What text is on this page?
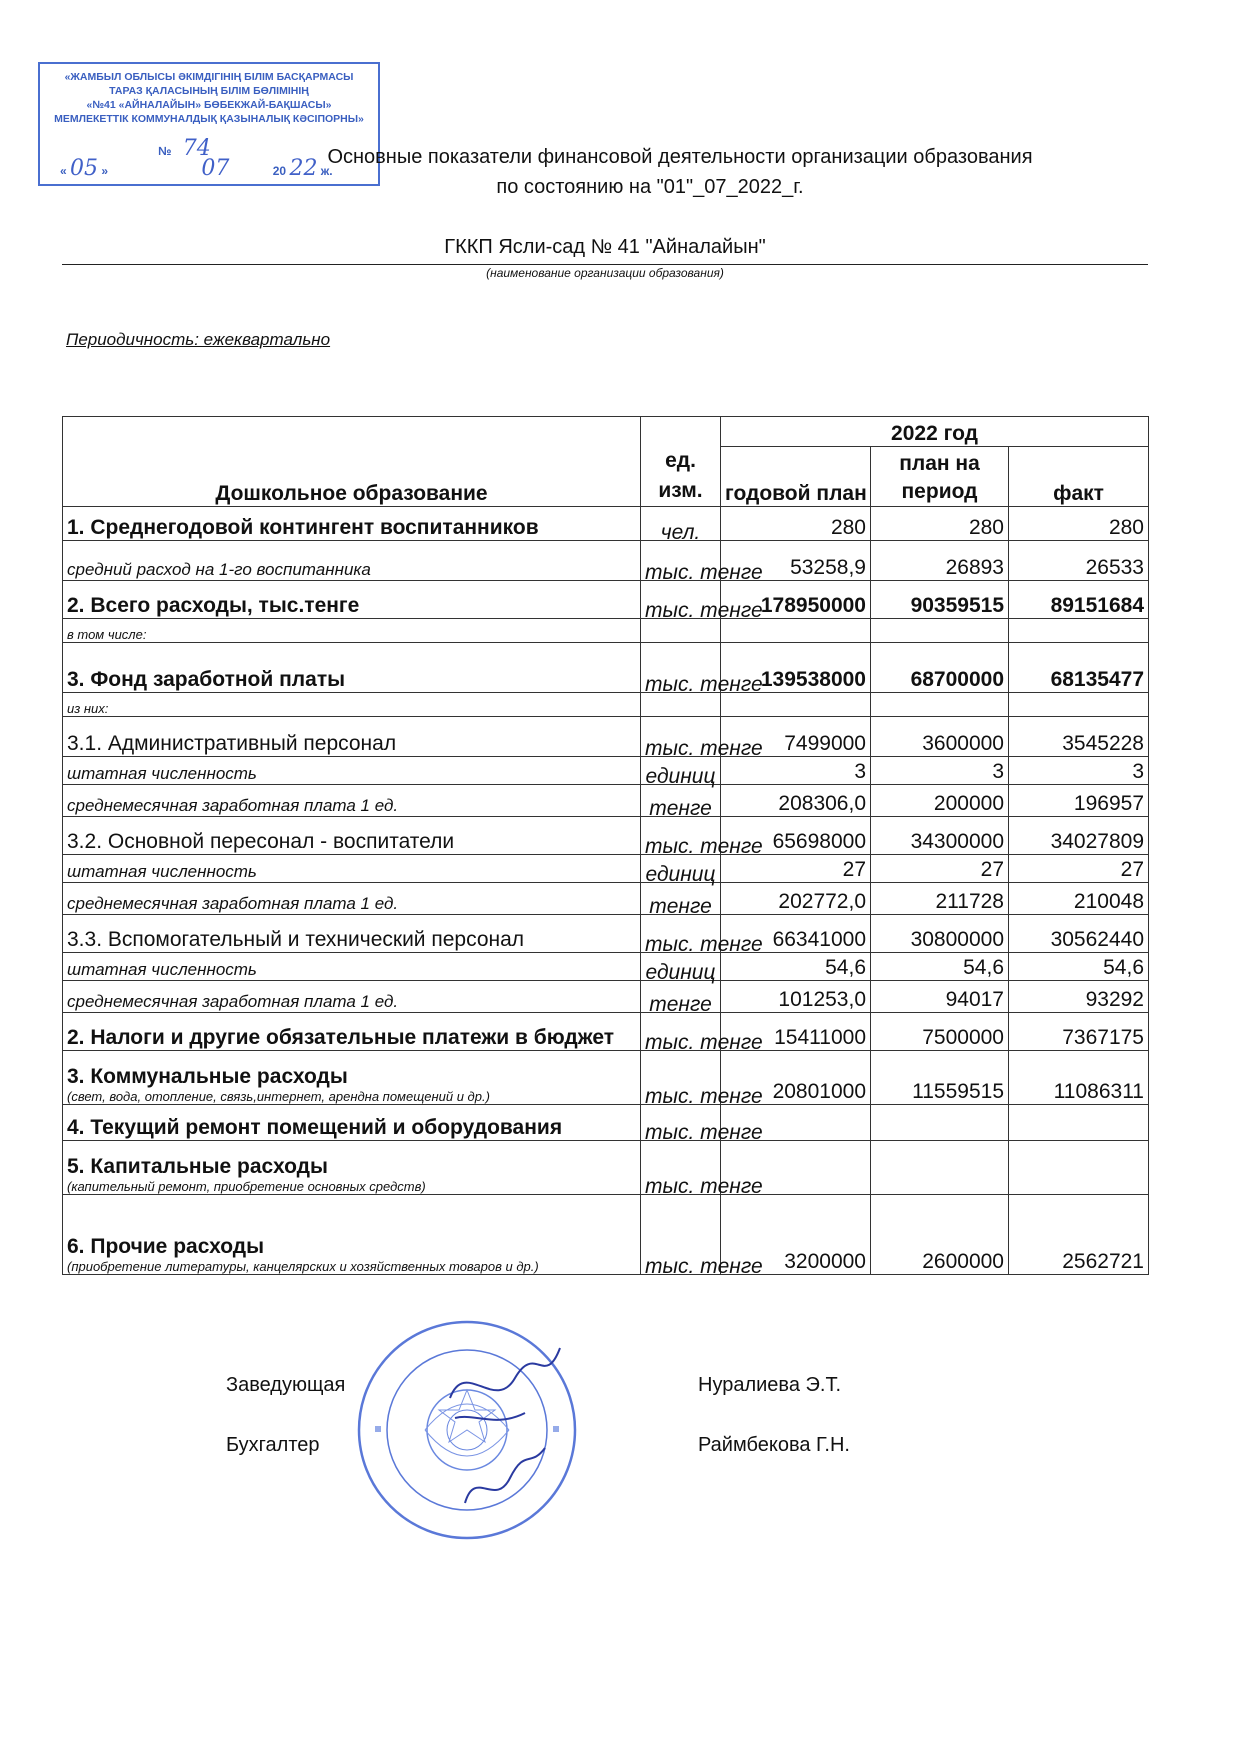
«ЖАМБЫЛ ОБЛЫСЫ ӘКІМДІГІНІҢ БІЛІМ БАСҚАРМАСЫ
ТАРАЗ ҚАЛАСЫНЫҢ БІЛІМ БӨЛІМІНІҢ
«№41 «АЙНАЛАЙЫН» БӨБЕКЖАЙ-БАҚШАСЫ»
МЕМЛЕКЕТТІК КОММУНАЛДЫҚ ҚАЗЫНАЛЫҚ КӘСІПОРНЫ»
№ 74
« 05 »	07	20 22 ж.
Основные показатели финансовой деятельности организации образования
по состоянию на "01"_07_2022_г.
ГККП Ясли-сад № 41 "Айналайын"
(наименование организации образования)
Периодичность: ежеквартально
Дошкольное образование	ед. изм.	2022 год		
		годовой план	план на период	факт
1. Среднегодовой контингент воспитанников	чел.	280	280	280
средний расход на 1-го воспитанника	тыс. тенге	53258,9	26893	26533
2. Всего расходы, тыс.тенге	тыс. тенге	178950000	90359515	89151684
в том числе:				
3. Фонд заработной платы	тыс. тенге	139538000	68700000	68135477
из них:				
3.1. Административный персонал	тыс. тенге	7499000	3600000	3545228
штатная численность	единиц	3	3	3
среднемесячная заработная плата 1 ед.	тенге	208306,0	200000	196957
3.2. Основной пересонал - воспитатели	тыс. тенге	65698000	34300000	34027809
штатная численность	единиц	27	27	27
среднемесячная заработная плата 1 ед.	тенге	202772,0	211728	210048
3.3. Вспомогательный и технический персонал	тыс. тенге	66341000	30800000	30562440
штатная численность	единиц	54,6	54,6	54,6
среднемесячная заработная плата 1 ед.	тенге	101253,0	94017	93292
2. Налоги и другие обязательные платежи в бюджет	тыс. тенге	15411000	7500000	7367175
3. Коммунальные расходы
(свет, вода, отопление, связь,интернет, арендна помещений и др.)	тыс. тенге	20801000	11559515	11086311
4. Текущий ремонт помещений и оборудования	тыс. тенге			
5. Капитальные расходы
(капительный ремонт, приобретение основных средств)	тыс. тенге			
6. Прочие расходы
(приобретение литературы, канцелярских и хозяйственных товаров и др.)	тыс. тенге	3200000	2600000	2562721
Заведующая
Бухгалтер
Нуралиева Э.Т.
Раймбекова Г.Н.
